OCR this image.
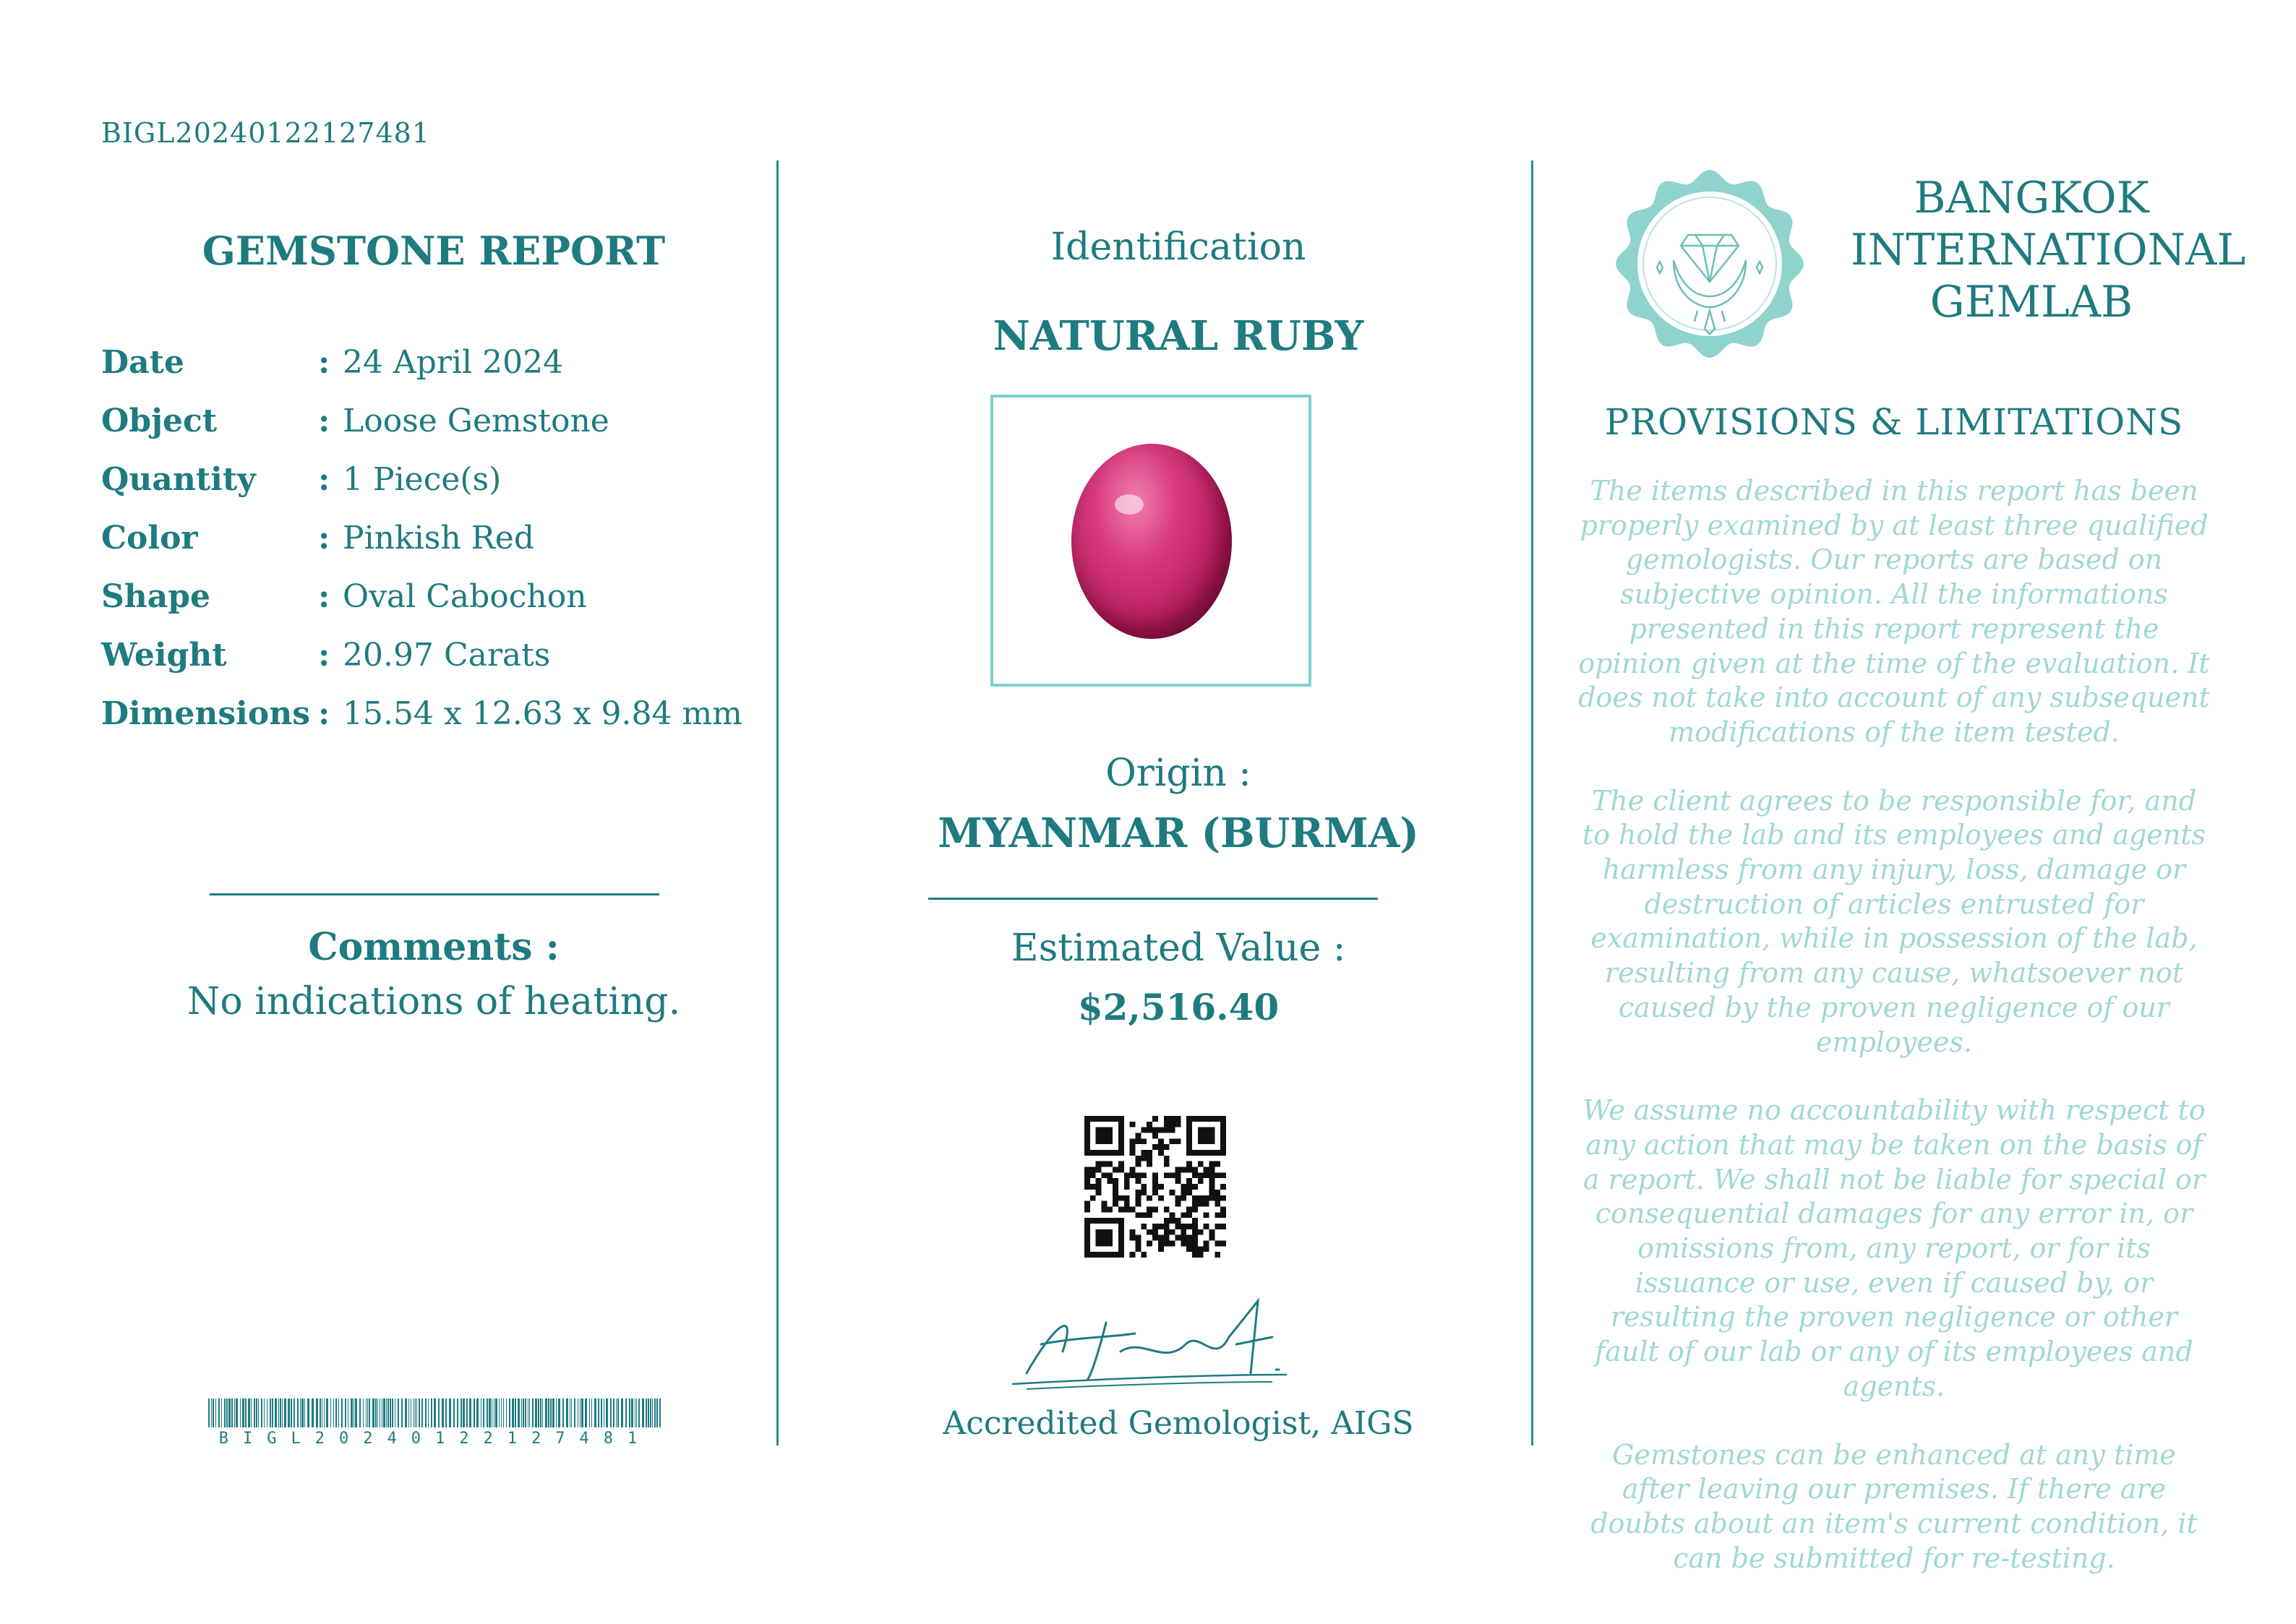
BIGL20240122127481
GEMSTONE REPORT
Date	: 24 April 2024
Object	: Loose Gemstone
Quantity	: 1 Piece(s)
Color	: Pinkish Red
Shape	: Oval Cabochon
Weight	: 20.97 Carats
Dimensions : 15.54 x 12.63 x 9.84 mm
Comments :
No indications of heating.
BIGL20240122127481
Identification
NATURAL RUBY
Origin :
MYANMAR (BURMA)
Estimated Value :
$2,516.40
Accredited Gemologist, AIGS
BANGKOK
INTERNATIONAL
GEMLAB
PROVISIONS & LIMITATIONS

The items described in this report has been properly examined by at least three qualified gemologists. Our reports are based on subjective opinion. All the informations presented in this report represent the opinion given at the time of the evaluation. It does not take into account of any subsequent modifications of the item tested.

The client agrees to be responsible for, and to hold the lab and its employees and agents harmless from any injury, loss, damage or destruction of articles entrusted for examination, while in possession of the lab, resulting from any cause, whatsoever not caused by the proven negligence of our employees.

We assume no accountability with respect to any action that may be taken on the basis of a report. We shall not be liable for special or consequential damages for any error in, or omissions from, any report, or for its issuance or use, even if caused by, or resulting the proven negligence or other fault of our lab or any of its employees and agents.

Gemstones can be enhanced at any time after leaving our premises. If there are doubts about an item's current condition, it can be submitted for re-testing.
